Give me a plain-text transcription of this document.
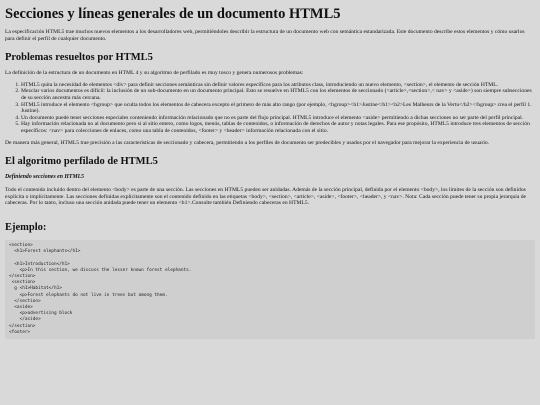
Secciones y líneas generales de un documento HTML5

La especificación HTML5 trae muchos nuevos elementos a los desarrolladores web, permitiéndoles describir la estructura de un documento web con semántica estandarizada. Este documento describe estos elementos y cómo usarlos para definir el perfil de cualquier documento.

Problemas resueltos por HTML5

La definición de la estructura de un documento en HTML 4 y su algoritmo de perfilado es muy tosco y genera numerosos problemas:

1. HTML5 quita la necesidad de elementos <div> para definir secciones semánticas sin definir valores específicos para los atributos class, introduciendo un nuevo elemento, <section>, el elemento de sección HTML.
2. Mezclar varios documentos es difícil: la inclusión de un sub-documento en un documento principal. Esto se resuelve en HTML5 con los elementos de seccionado (<article>,<section>,< nav> y <aside>) son siempre subsecciones de su sección ancestra más cercana.
3. HTML5 introduce el elemento <hgroup> que oculta todos los elementos de cabecera excepto el primero de más alto rango (por ejemplo, <hgroup><h1>Justine</h1><h2>Les Malheurs de la Vertu</h2></hgroup> crea el perfil 1. Justine).
4. Un documento puede tener secciones especiales conteniendo información relacionado que no es parte del flujo principal. HTML5 introduce el elemento <aside> permitiendo a dichas secciones no ser parte del perfil principal.
5. Hay información relacionada no al documento pero sí al sitio entero, como logos, menús, tablas de contenidos, o información de derechos de autor y notas legales. Para ese propósito, HTML5 introduce tres elementos de sección específicos: <nav> para colecciones de enlaces, como una tabla de contenidos, <footer> y <header> información relacionada con el sitio.

De manera más general, HTML5 trae precisión a las características de seccionado y cabecera, permitiendo a los perfiles de documento ser predecibles y usados por el navegador para mejorar la experiencia de usuario.

El algoritmo perfilado de HTML5
Definiendo secciones en HTML5

Todo el contenido incluido dentro del elemento <body> es parte de una sección. Las secciones en HTML5 pueden ser anidadas. Además de la sección principal, definida por el elemento <body>, los límites de la sección son definidos explícita o implícitamente. Las secciones definidas explícitamente son el contenido definido en las etiquetas <body>, <section>, <article>, <aside>, <footer>, <header>, y <nav>. Nota: Cada sección puede tener su propia jerarquía de cabeceras. Por lo tanto, incluso una sección anidada puede tener un elemento <h1>.Consulte también Definiendo cabeceras en HTML5.

Ejemplo:
<section>
<h1>Forest elephants</h1>

<h1>Introduction</h1>
<p>In this section, we discuss the lesser known forest elephants.
</section>
<section>
g <h1>Habitat</h1>
<p>Forest elephants do not live in trees but among them.
</section>
<aside>
<p>advertising block
</aside>
</section>
<footer>
